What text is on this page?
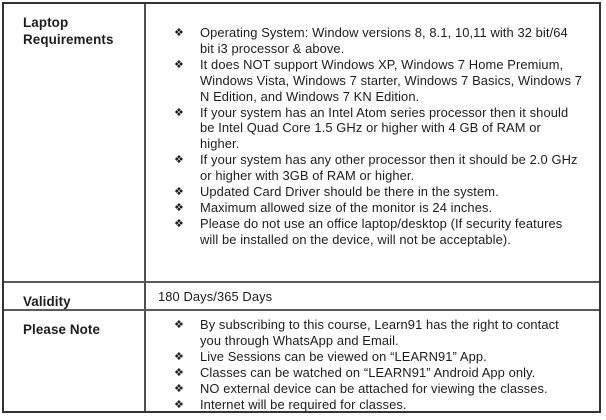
Laptop Requirements	❖ Operating System: Window versions 8, 8.1, 10,11 with 32 bit/64 bit i3 processor & above.
❖ It does NOT support Windows XP, Windows 7 Home Premium, Windows Vista, Windows 7 starter, Windows 7 Basics, Windows 7 N Edition, and Windows 7 KN Edition.
❖ If your system has an Intel Atom series processor then it should be Intel Quad Core 1.5 GHz or higher with 4 GB of RAM or higher.
❖ If your system has any other processor then it should be 2.0 GHz or higher with 3GB of RAM or higher.
❖ Updated Card Driver should be there in the system.
❖ Maximum allowed size of the monitor is 24 inches.
❖ Please do not use an office laptop/desktop (If security features will be installed on the device, will not be acceptable).
Validity	180 Days/365 Days
Please Note	❖ By subscribing to this course, Learn91 has the right to contact you through WhatsApp and Email.
❖ Live Sessions can be viewed on “LEARN91” App.
❖ Classes can be watched on “LEARN91” Android App only.
❖ NO external device can be attached for viewing the classes.
❖ Internet will be required for classes.
